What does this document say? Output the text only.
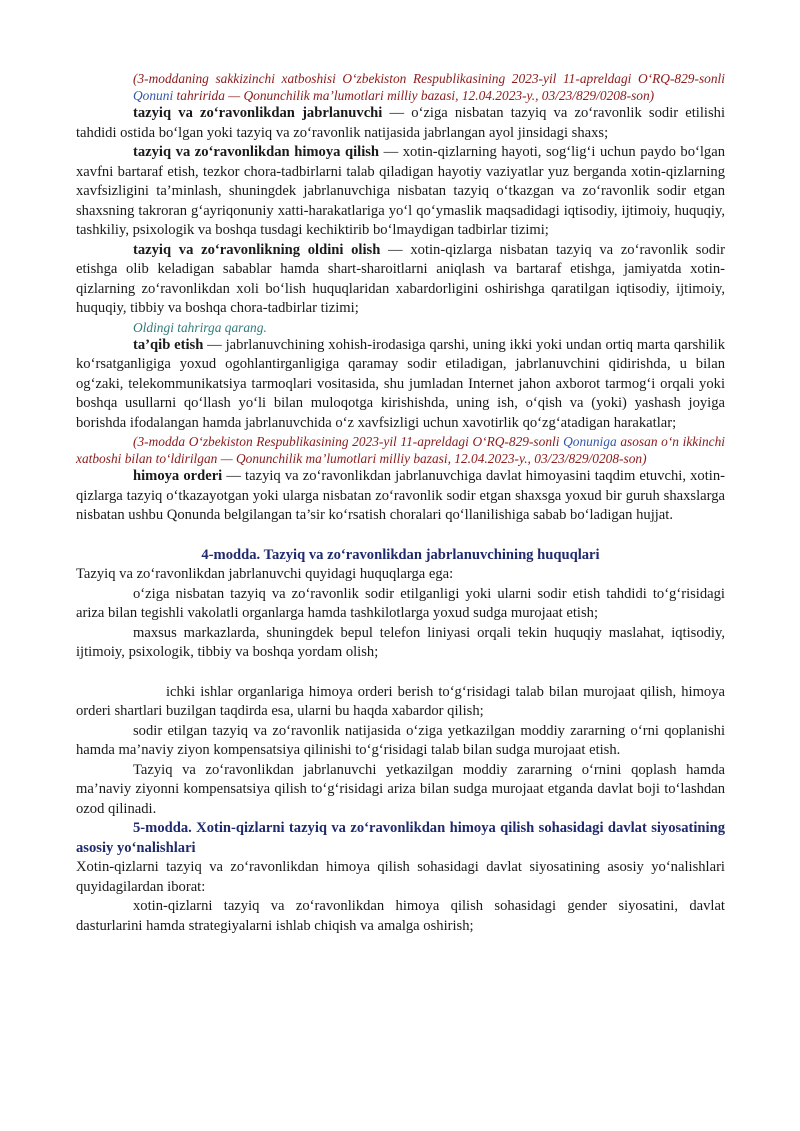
(3-moddaning sakkizinchi xatboshisi O‘zbekiston Respublikasining 2023-yil 11-apreldagi O‘RQ-829-sonli Qonuni tahririda — Qonunchilik ma’lumotlari milliy bazasi, 12.04.2023-y., 03/23/829/0208-son)

tazyiq va zo‘ravonlikdan jabrlanuvchi — o‘ziga nisbatan tazyiq va zo‘ravonlik sodir etilishi tahdidi ostida bo‘lgan yoki tazyiq va zo‘ravonlik natijasida jabrlangan ayol jinsidagi shaxs;

tazyiq va zo‘ravonlikdan himoya qilish — xotin-qizlarning hayoti, sog‘lig‘i uchun paydo bo‘lgan xavfni bartaraf etish, tezkor chora-tadbirlarni talab qiladigan hayotiy vaziyatlar yuz berganda xotin-qizlarning xavfsizligini ta’minlash, shuningdek jabrlanuvchiga nisbatan tazyiq o‘tkazgan va zo‘ravonlik sodir etgan shaxsning takroran g‘ayriqonuniy xatti-harakatlariga yo‘l qo‘ymaslik maqsadidagi iqtisodiy, ijtimoiy, huquqiy, tashkiliy, psixologik va boshqa tusdagi kechiktirib bo‘lmaydigan tadbirlar tizimi;

tazyiq va zo‘ravonlikning oldini olish — xotin-qizlarga nisbatan tazyiq va zo‘ravonlik sodir etishga olib keladigan sabablar hamda shart-sharoitlarni aniqlash va bartaraf etishga, jamiyatda xotin-qizlarning zo‘ravonlikdan xoli bo‘lish huquqlaridan xabardorligini oshirishga qaratilgan iqtisodiy, ijtimoiy, huquqiy, tibbiy va boshqa chora-tadbirlar tizimi;

Oldingi tahrirga qarang.

ta’qib etish — jabrlanuvchining xohish-irodasiga qarshi, uning ikki yoki undan ortiq marta qarshilik ko‘rsatganligiga yoxud ogohlantirganligiga qaramay sodir etiladigan, jabrlanuvchini qidirishda, u bilan og‘zaki, telekommunikatsiya tarmoqlari vositasida, shu jumladan Internet jahon axborot tarmog‘i orqali yoki boshqa usullarni qo‘llash yo‘li bilan muloqotga kirishishda, uning ish, o‘qish va (yoki) yashash joyiga borishda ifodalangan hamda jabrlanuvchida o‘z xavfsizligi uchun xavotirlik qo‘zg‘atadigan harakatlar;

(3-modda O‘zbekiston Respublikasining 2023-yil 11-apreldagi O‘RQ-829-sonli Qonuniga asosan o‘n ikkinchi xatboshi bilan to‘ldirilgan — Qonunchilik ma’lumotlari milliy bazasi, 12.04.2023-y., 03/23/829/0208-son)

himoya orderi — tazyiq va zo‘ravonlikdan jabrlanuvchiga davlat himoyasini taqdim etuvchi, xotin-qizlarga tazyiq o‘tkazayotgan yoki ularga nisbatan zo‘ravonlik sodir etgan shaxsga yoxud bir guruh shaxslarga nisbatan ushbu Qonunda belgilangan ta’sir ko‘rsatish choralari qo‘llanilishiga sabab bo‘ladigan hujjat.

4-modda. Tazyiq va zo‘ravonlikdan jabrlanuvchining huquqlari

Tazyiq va zo‘ravonlikdan jabrlanuvchi quyidagi huquqlarga ega:

o‘ziga nisbatan tazyiq va zo‘ravonlik sodir etilganligi yoki ularni sodir etish tahdidi to‘g‘risidagi ariza bilan tegishli vakolatli organlarga hamda tashkilotlarga yoxud sudga murojaat etish;

maxsus markazlarda, shuningdek bepul telefon liniyasi orqali tekin huquqiy maslahat, iqtisodiy, ijtimoiy, psixologik, tibbiy va boshqa yordam olish;

ichki ishlar organlariga himoya orderi berish to‘g‘risidagi talab bilan murojaat qilish, himoya orderi shartlari buzilgan taqdirda esa, ularni bu haqda xabardor qilish;

sodir etilgan tazyiq va zo‘ravonlik natijasida o‘ziga yetkazilgan moddiy zararning o‘rni qoplanishi hamda ma’naviy ziyon kompensatsiya qilinishi to‘g‘risidagi talab bilan sudga murojaat etish.

Tazyiq va zo‘ravonlikdan jabrlanuvchi yetkazilgan moddiy zararning o‘rnini qoplash hamda ma’naviy ziyonni kompensatsiya qilish to‘g‘risidagi ariza bilan sudga murojaat etganda davlat boji to‘lashdan ozod qilinadi.

5-modda. Xotin-qizlarni tazyiq va zo‘ravonlikdan himoya qilish sohasidagi davlat siyosatining asosiy yo‘nalishlari

Xotin-qizlarni tazyiq va zo‘ravonlikdan himoya qilish sohasidagi davlat siyosatining asosiy yo‘nalishlari quyidagilardan iborat:

xotin-qizlarni tazyiq va zo‘ravonlikdan himoya qilish sohasidagi gender siyosatini, davlat dasturlarini hamda strategiyalarni ishlab chiqish va amalga oshirish;
